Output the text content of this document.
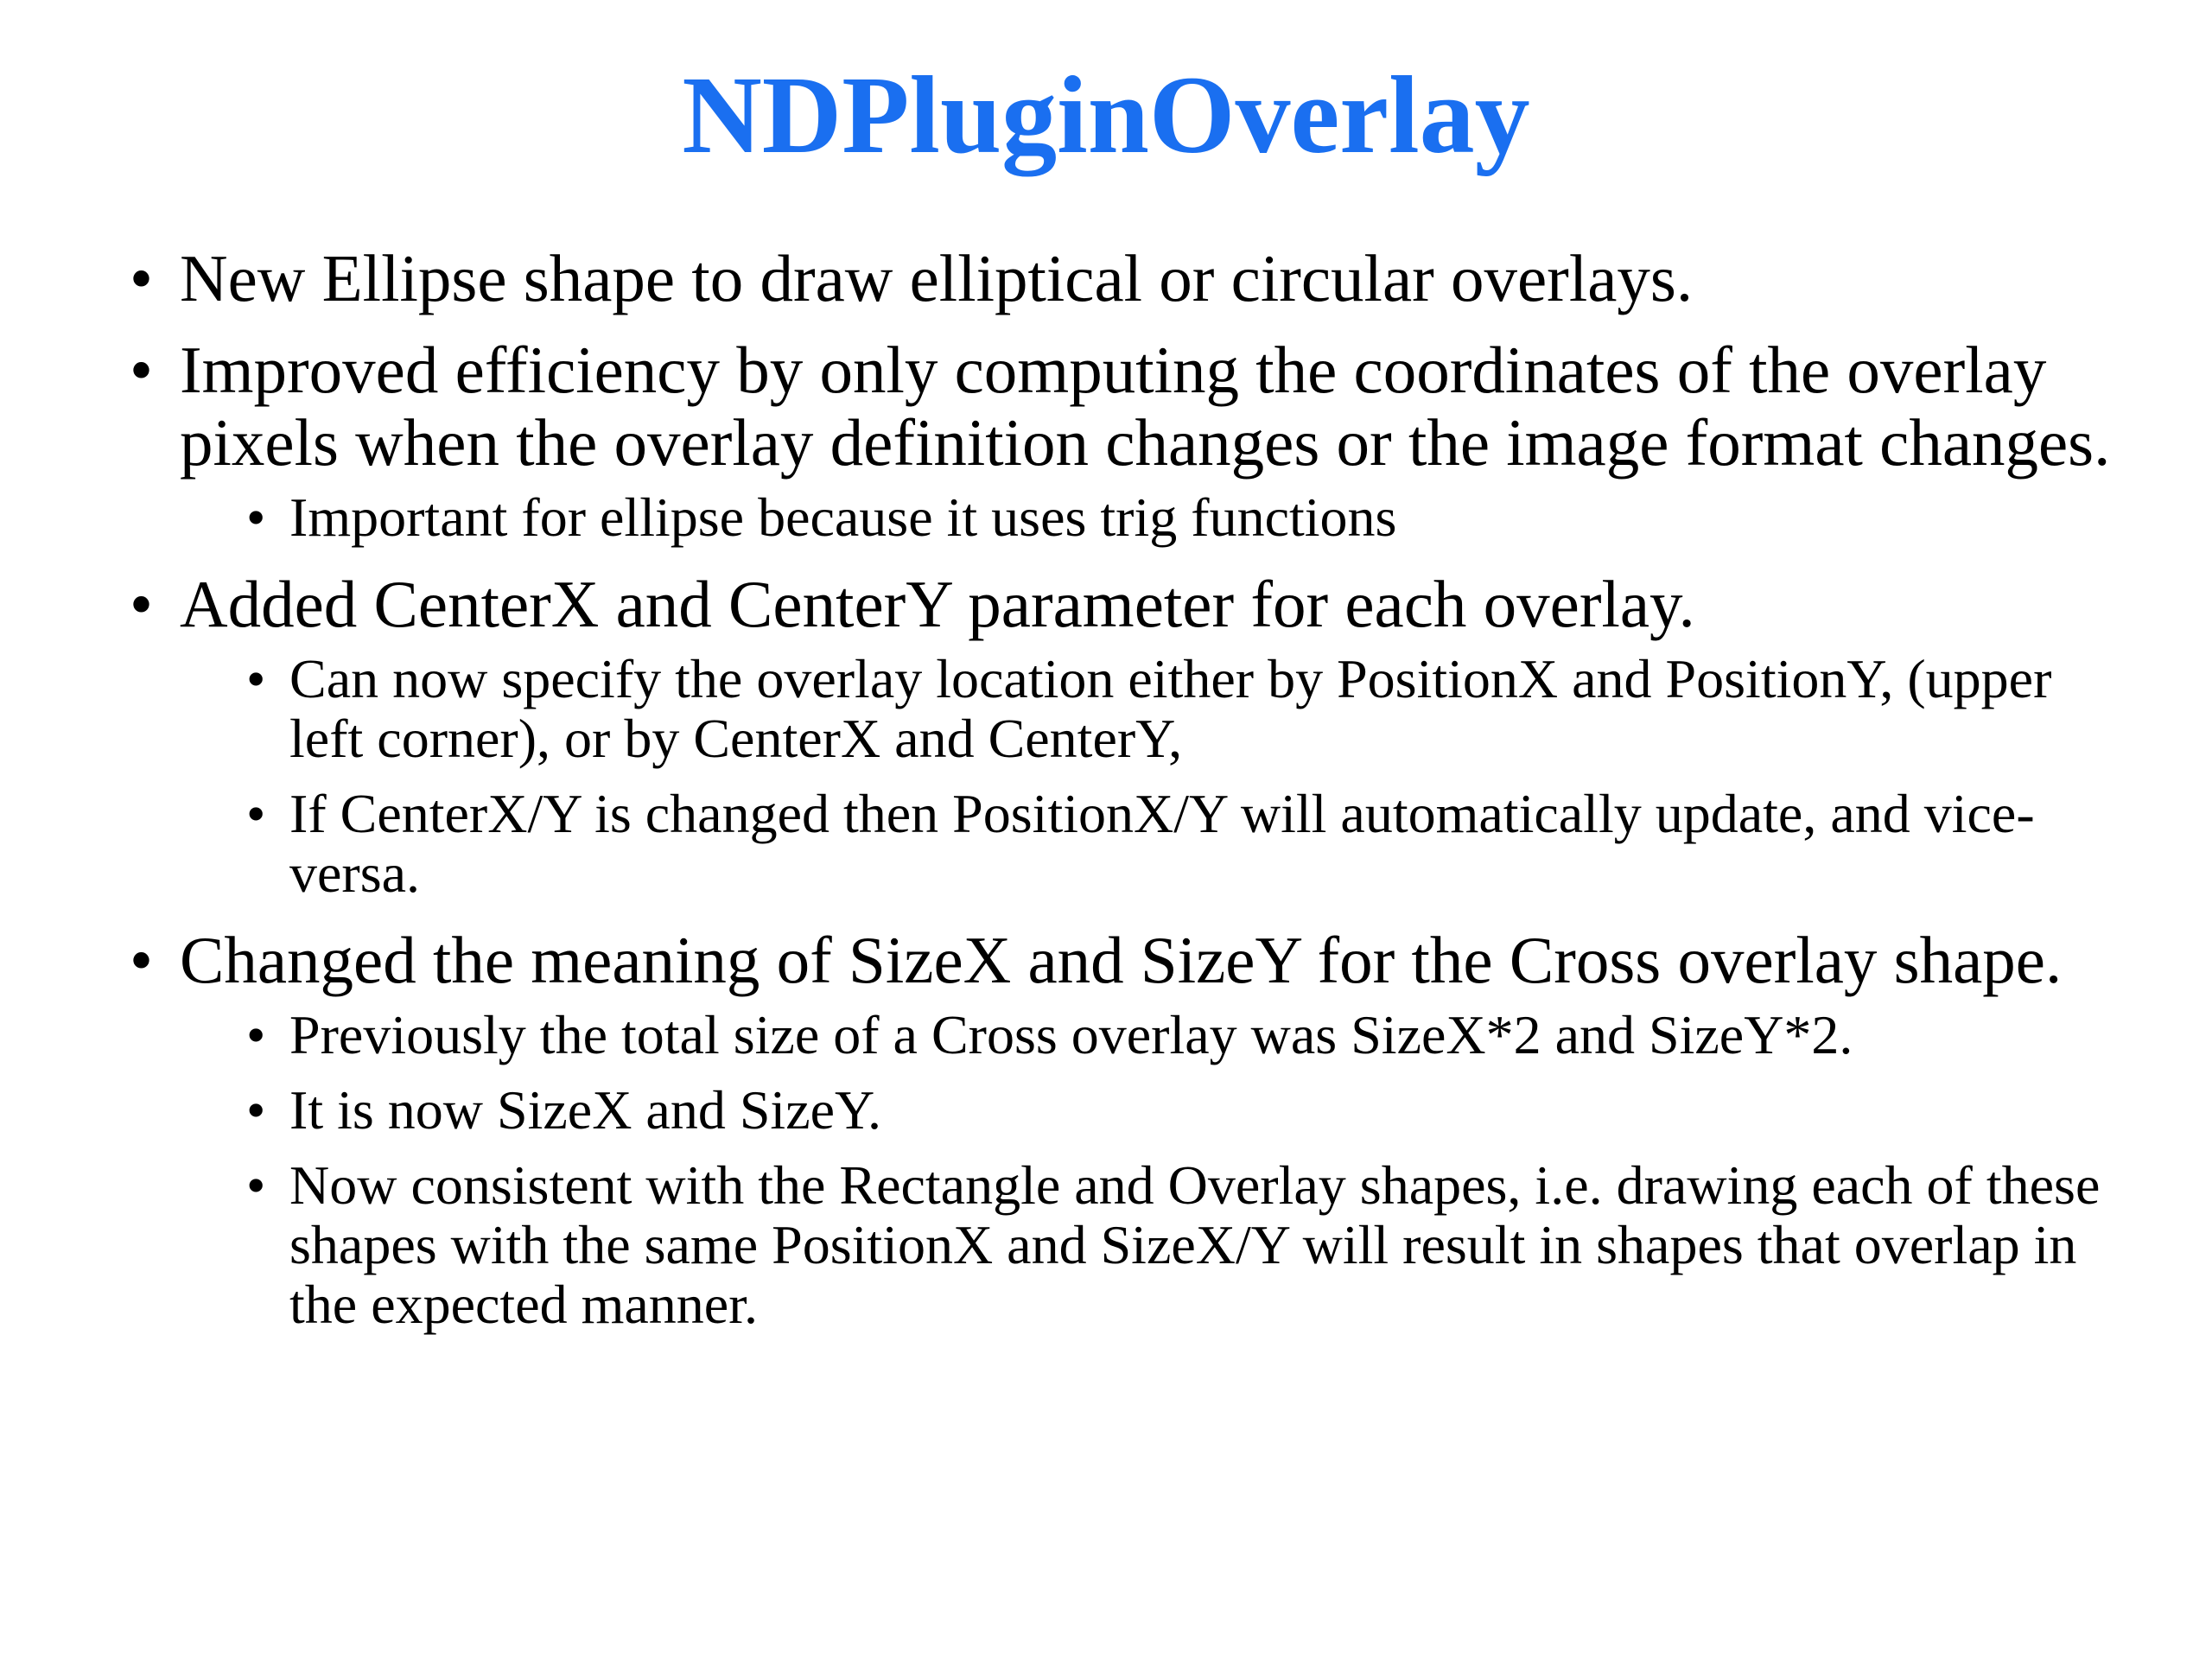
NDPluginOverlay
• New Ellipse shape to draw elliptical or circular overlays.
• Improved efficiency by only computing the coordinates of the overlay pixels when the overlay definition changes or the image format changes.
• Important for ellipse because it uses trig functions
• Added CenterX and CenterY parameter for each overlay.
• Can now specify the overlay location either by PositionX and PositionY, (upper left corner), or by CenterX and CenterY,
• If CenterX/Y is changed then PositionX/Y will automatically update, and vice-versa.
• Changed the meaning of SizeX and SizeY for the Cross overlay shape.
• Previously the total size of a Cross overlay was SizeX*2 and SizeY*2.
• It is now SizeX and SizeY.
• Now consistent with the Rectangle and Overlay shapes, i.e. drawing each of these shapes with the same PositionX and SizeX/Y will result in shapes that overlap in the expected manner.
